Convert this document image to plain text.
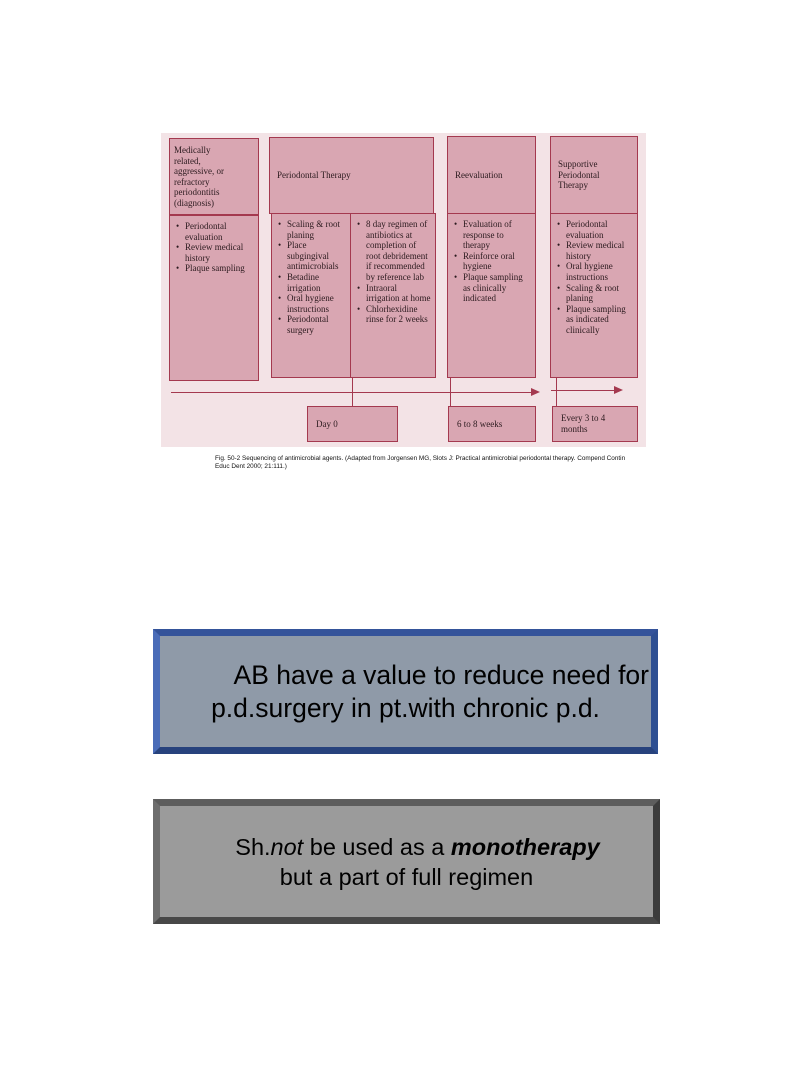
Medically
related,
aggressive, or
refractory
periodontitis
(diagnosis)
• Periodontal evaluation
• Review medical history
• Plaque sampling
Periodontal Therapy
• Scaling & root planing
• Place subgingival antimicrobials
• Betadine irrigation
• Oral hygiene instructions
• Periodontal surgery
• 8 day regimen of antibiotics at completion of root debridement if recommended by reference lab
• Intraoral irrigation at home
• Chlorhexidine rinse for 2 weeks
Reevaluation
• Evaluation of response to therapy
• Reinforce oral hygiene
• Plaque sampling as clinically indicated
Supportive
Periodontal
Therapy
• Periodontal evaluation
• Review medical history
• Oral hygiene instructions
• Scaling & root planing
• Plaque sampling as indicated clinically
Day 0	6 to 8 weeks
Every 3 to 4 months
Fig. 50-2 Sequencing of antimicrobial agents. (Adapted from Jorgensen MG, Slots J: Practical antimicrobial periodontal therapy. Compend Contin Educ Dent 2000; 21:111.)
AB have a value to reduce need for
p.d.surgery in pt.with chronic p.d.
Sh.not be used as a monotherapy
but a part of full regimen
